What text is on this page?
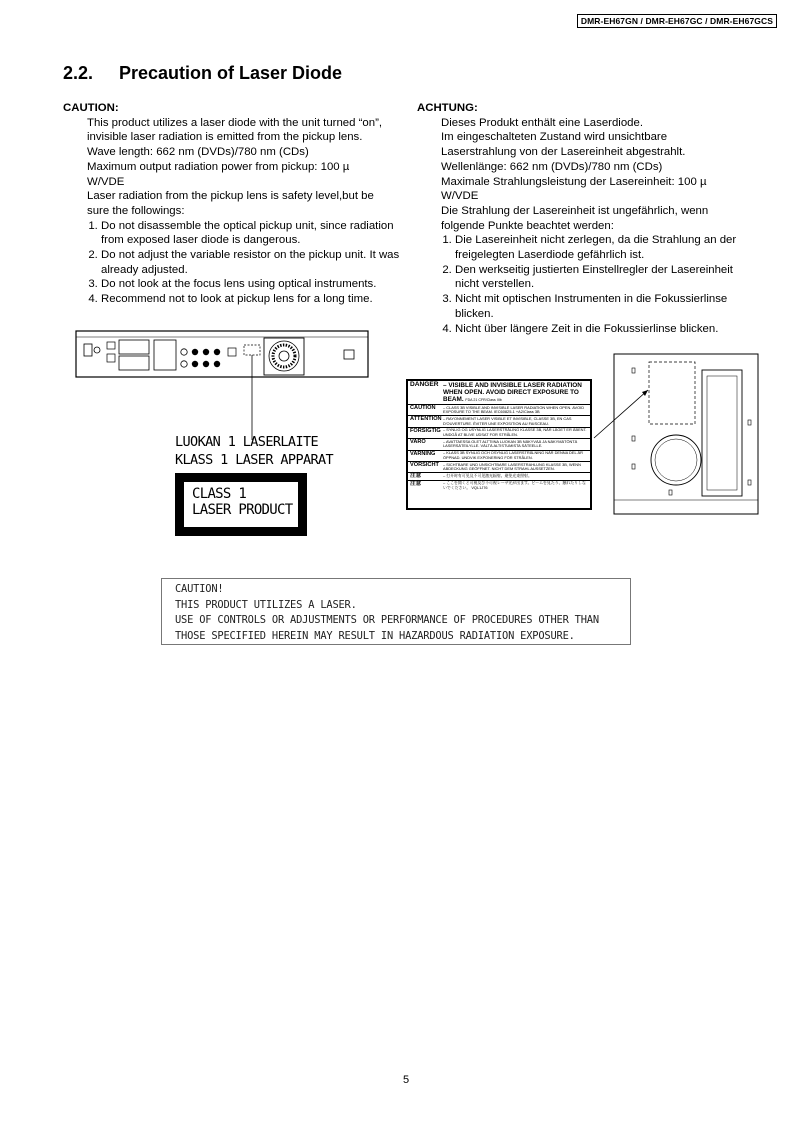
DMR-EH67GN / DMR-EH67GC / DMR-EH67GCS
2.2. Precaution of Laser Diode
CAUTION:
This product utilizes a laser diode with the unit turned “on”,
invisible laser radiation is emitted from the pickup lens.
Wave length: 662 nm (DVDs)/780 nm (CDs)
Maximum output radiation power from pickup: 100 µ
W/VDE
Laser radiation from the pickup lens is safety level,but be
sure the followings:
1. Do not disassemble the optical pickup unit, since radiation from exposed laser diode is dangerous.
2. Do not adjust the variable resistor on the pickup unit. It was already adjusted.
3. Do not look at the focus lens using optical instruments.
4. Recommend not to look at pickup lens for a long time.
ACHTUNG:
Dieses Produkt enthält eine Laserdiode.
Im eingeschalteten Zustand wird unsichtbare
Laserstrahlung von der Lasereinheit abgestrahlt.
Wellenlänge: 662 nm (DVDs)/780 nm (CDs)
Maximale Strahlungsleistung der Lasereinheit: 100 µ
W/VDE
Die Strahlung der Lasereinheit ist ungefährlich, wenn
folgende Punkte beachtet werden:
1. Die Lasereinheit nicht zerlegen, da die Strahlung an der freigelegten Laserdiode gefährlich ist.
2. Den werkseitig justierten Einstellregler der Lasereinheit nicht verstellen.
3. Nicht mit optischen Instrumenten in die Fokussierlinse blicken.
4. Nicht über längere Zeit in die Fokussierlinse blicken.
LUOKAN 1 LASERLAITE
KLASS 1 LASER APPARAT
CLASS 1
LASER PRODUCT
DANGER – VISIBLE AND INVISIBLE LASER RADIATION WHEN OPEN. AVOID DIRECT EXPOSURE TO BEAM. FDA 21 CFR/Class IIIb
CAUTION	– CLASS 3B VISIBLE AND INVISIBLE LASER RADIATION WHEN OPEN. AVOID EXPOSURE TO THE BEAM. IEC60825-1 +A2/Class 3B
ATTENTION – RAYONNEMENT LASER VISIBLE ET INVISIBLE, CLASSE 3B, EN CAS D'OUVERTURE. ÉVITER UNE EXPOSITION AU FAISCEAU.
FORSIGTIG – SYNLIG OG USYNLIG LASERSTRÅLING KLASSE 3B, NÅR LÅGET ER ÅBENT. UNDGÅ AT BLIVE UDSAT FOR STRÅLEN.
VARO	– AVATTAESSA OLET ALTTIINA LUOKAN 3B NÄKYVÄÄ JA NÄKYMÄTÖNTÄ LASERSÄTEILYLLE. VÄLTÄ ALTISTUMISTA SÄTEELLE.
VARNING	– KLASS 3B SYNLIG OCH OSYNLIG LASERSTRÅLNING NÄR DENNA DEL ÄR ÖPPNAD. UNDVIK EXPONERING FÖR STRÅLEN.
VORSICHT	– SICHTBARE UND UNSICHTBARE LASERSTRAHLUNG KLASSE 3B, WENN ABDECKUNG GEÖFFNET. NICHT DEM STRAHL AUSSETZEN.
注意	– 打开时有可见及不可见激光辐射。避免光束照射。
注意	– ここを開くと可視及び不可視レーザ光が出ます。ビームを見たり、触れたりしないでください。 VQL1J76
CAUTION!
THIS PRODUCT UTILIZES A LASER.
USE OF CONTROLS OR ADJUSTMENTS OR PERFORMANCE OF PROCEDURES OTHER THAN
THOSE SPECIFIED HEREIN MAY RESULT IN HAZARDOUS RADIATION EXPOSURE.
5
